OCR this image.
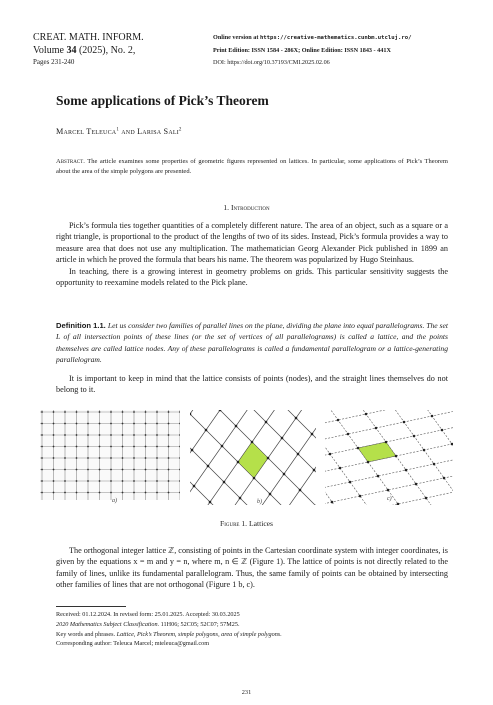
CREAT. MATH. INFORM.
Volume 34 (2025), No. 2,
Pages 231-240
Online version at https://creative-mathematics.cunbm.utcluj.ro/
Print Edition: ISSN 1584 - 286X; Online Edition: ISSN 1843 - 441X
DOI: https://doi.org/10.37193/CMI.2025.02.06
Some applications of Pick’s Theorem
Marcel Teleuca$^1$ and Larisa Sali$^2$
Abstract. The article examines some properties of geometric figures represented on lattices. In particular, some applications of Pick’s Theorem about the area of the simple polygons are presented.
1. Introduction

Pick’s formula ties together quantities of a completely different nature. The area of an object, such as a square or a right triangle, is proportional to the product of the lengths of two of its sides. Instead, Pick’s formula provides a way to measure area that does not use any multiplication. The mathematician Georg Alexander Pick published in 1899 an article in which he proved the formula that bears his name. The theorem was popularized by Hugo Steinhaus.

In teaching, there is a growing interest in geometry problems on grids. This particular sensitivity suggests the opportunity to reexamine models related to the Pick plane.

Definition 1.1. Let us consider two families of parallel lines on the plane, dividing the plane into equal parallelograms. The set L of all intersection points of these lines (or the set of vertices of all parallelograms) is called a lattice, and the points themselves are called lattice nodes. Any of these parallelograms is called a fundamental parallelogram or a lattice-generating parallelogram.

It is important to keep in mind that the lattice consists of points (nodes), and the straight lines themselves do not belong to it.

a)	b)	c)
Figure 1. Lattices

The orthogonal integer lattice ℤ, consisting of points in the Cartesian coordinate system with integer coordinates, is given by the equations x = m and y = n, where m, n ∈ ℤ (Figure 1). The lattice of points is not directly related to the family of lines, unlike its fundamental parallelogram. Thus, the same family of points can be obtained by intersecting other families of lines that are not orthogonal (Figure 1 b, c).

Received: 01.12.2024. In revised form: 25.01.2025. Accepted: 30.03.2025
2020 Mathematics Subject Classification. 11H06; 52C05; 52C07; 57M25.
Key words and phrases. Lattice, Pick’s Theorem, simple polygons, area of simple polygons.
Corresponding author: Teleuca Marcel; mteleuca@gmail.com
231
